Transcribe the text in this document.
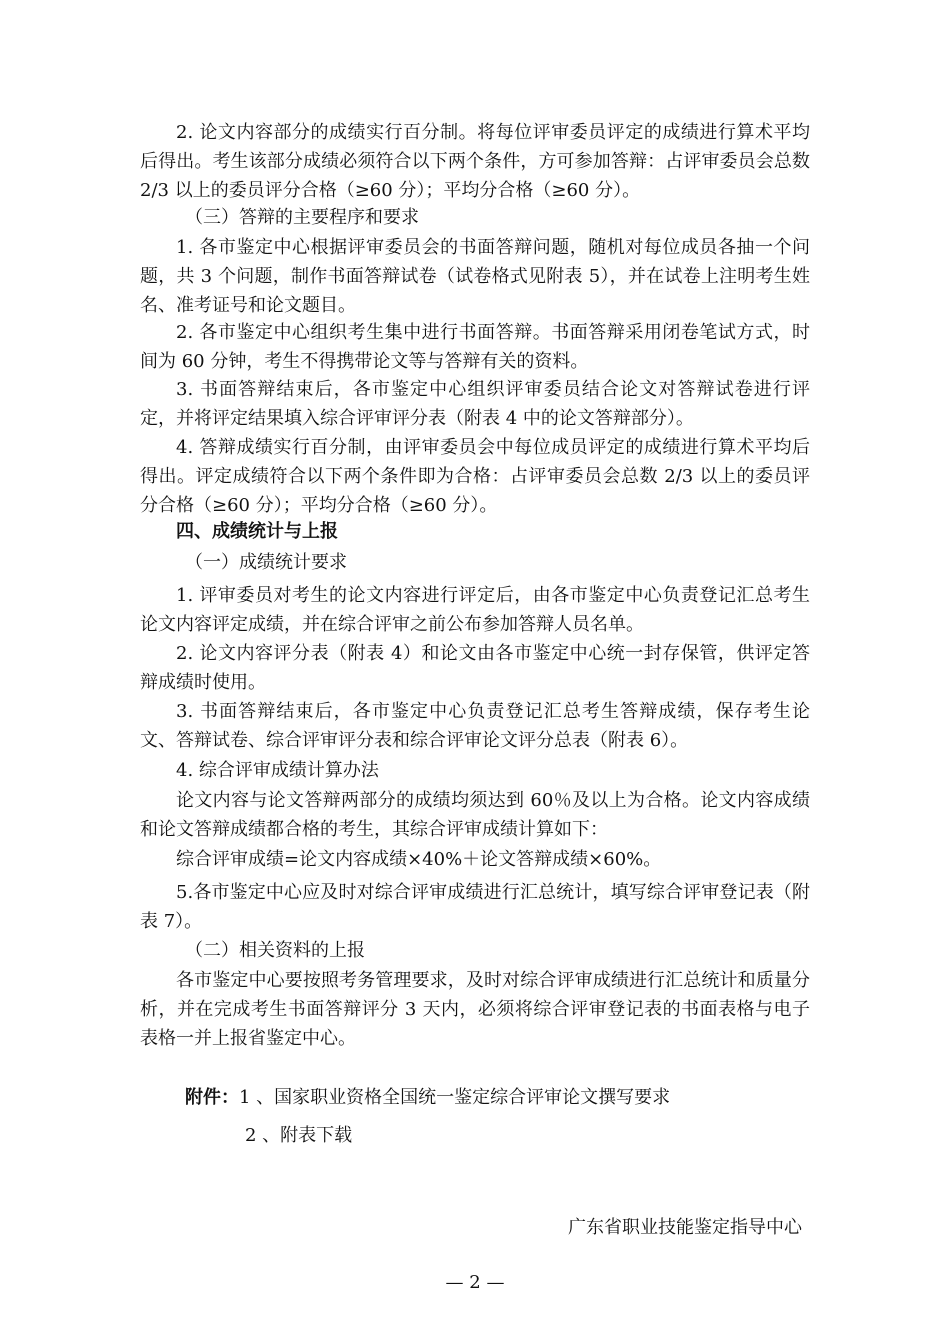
2. 论文内容部分的成绩实行百分制。将每位评审委员评定的成绩进行算术平均后得出。考生该部分成绩必须符合以下两个条件，方可参加答辩：占评审委员会总数 2/3 以上的委员评分合格（≥60 分）；平均分合格（≥60 分）。

（三）答辩的主要程序和要求

1. 各市鉴定中心根据评审委员会的书面答辩问题，随机对每位成员各抽一个问题，共 3 个问题，制作书面答辩试卷（试卷格式见附表 5），并在试卷上注明考生姓名、准考证号和论文题目。

2. 各市鉴定中心组织考生集中进行书面答辩。书面答辩采用闭卷笔试方式，时间为 60 分钟，考生不得携带论文等与答辩有关的资料。

3. 书面答辩结束后，各市鉴定中心组织评审委员结合论文对答辩试卷进行评定，并将评定结果填入综合评审评分表（附表 4 中的论文答辩部分）。

4. 答辩成绩实行百分制，由评审委员会中每位成员评定的成绩进行算术平均后得出。评定成绩符合以下两个条件即为合格：占评审委员会总数 2/3 以上的委员评分合格（≥60 分）；平均分合格（≥60 分）。

四、成绩统计与上报

（一）成绩统计要求

1. 评审委员对考生的论文内容进行评定后，由各市鉴定中心负责登记汇总考生论文内容评定成绩，并在综合评审之前公布参加答辩人员名单。

2. 论文内容评分表（附表 4）和论文由各市鉴定中心统一封存保管，供评定答辩成绩时使用。

3. 书面答辩结束后，各市鉴定中心负责登记汇总考生答辩成绩，保存考生论文、答辩试卷、综合评审评分表和综合评审论文评分总表（附表 6）。

4. 综合评审成绩计算办法

论文内容与论文答辩两部分的成绩均须达到 60％及以上为合格。论文内容成绩和论文答辩成绩都合格的考生，其综合评审成绩计算如下：

综合评审成绩=论文内容成绩×40%＋论文答辩成绩×60%。

5.各市鉴定中心应及时对综合评审成绩进行汇总统计，填写综合评审登记表（附表 7）。

（二）相关资料的上报

各市鉴定中心要按照考务管理要求，及时对综合评审成绩进行汇总统计和质量分析，并在完成考生书面答辩评分 3 天内，必须将综合评审登记表的书面表格与电子表格一并上报省鉴定中心。

附件：1 、国家职业资格全国统一鉴定综合评审论文撰写要求
2 、附表下载
广东省职业技能鉴定指导中心
— 2 —
